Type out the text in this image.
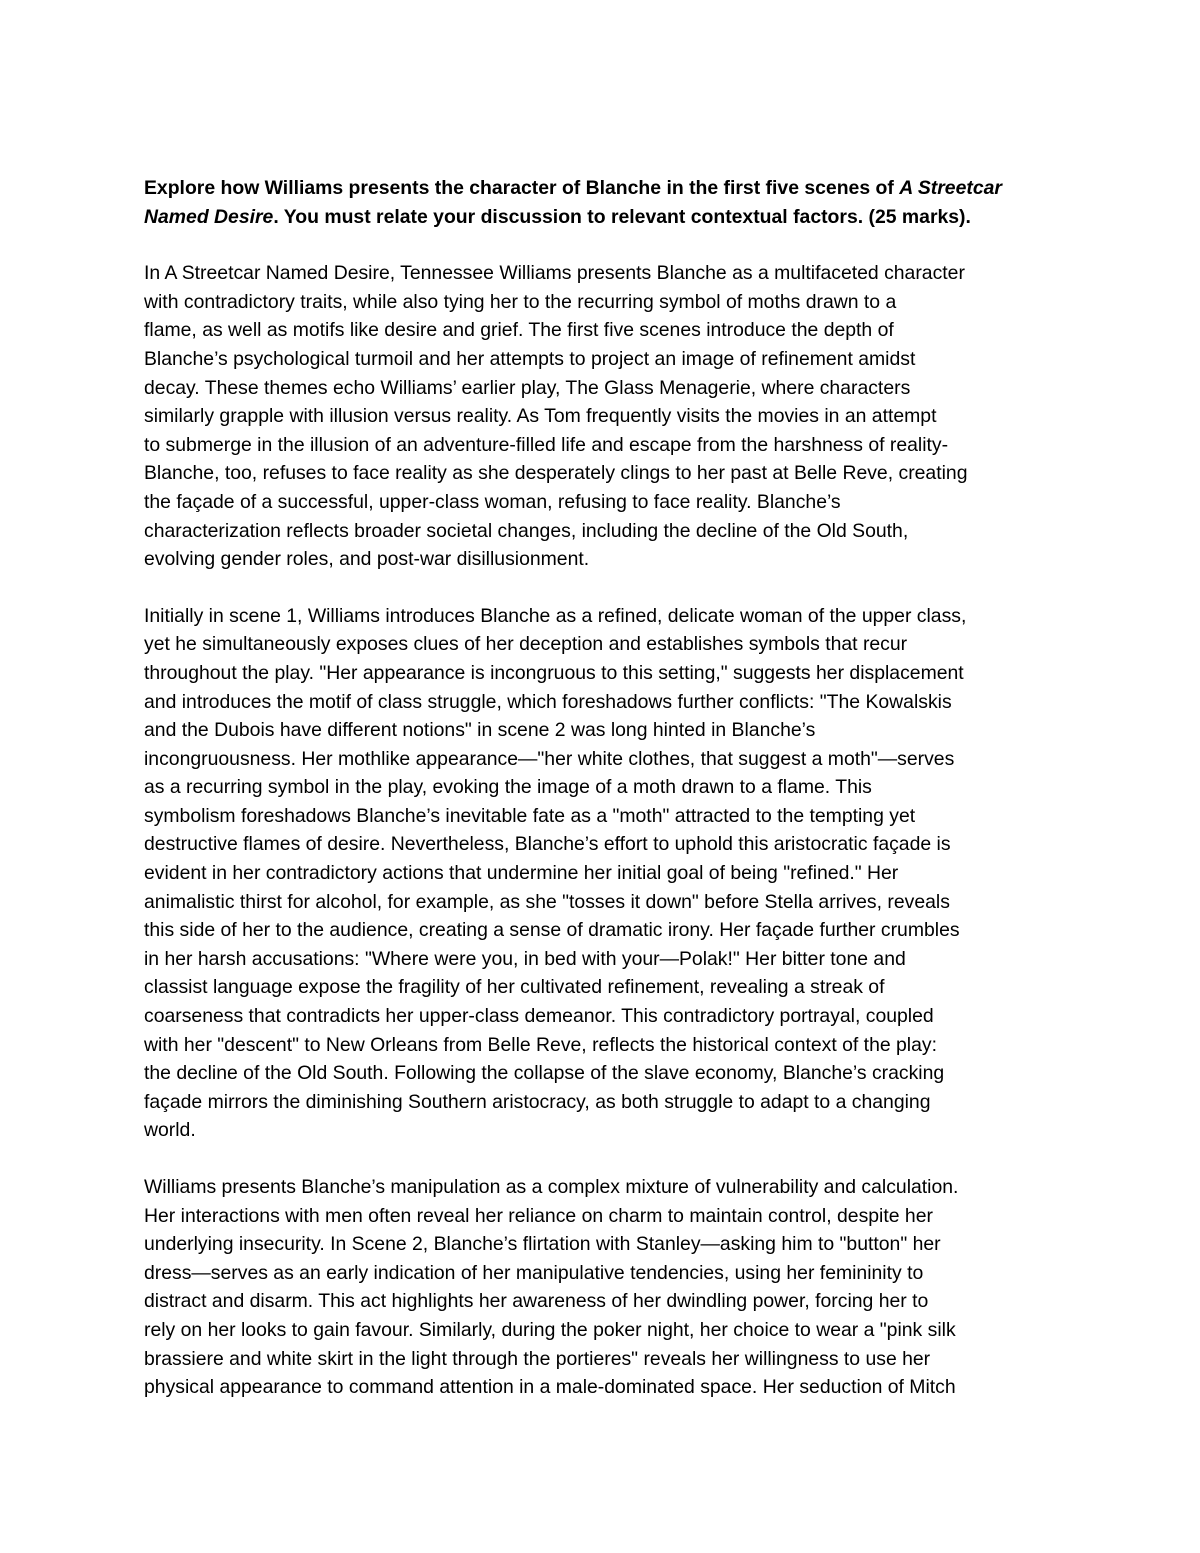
Explore how Williams presents the character of Blanche in the first five scenes of A Streetcar
Named Desire. You must relate your discussion to relevant contextual factors. (25 marks).
In A Streetcar Named Desire, Tennessee Williams presents Blanche as a multifaceted character
with contradictory traits, while also tying her to the recurring symbol of moths drawn to a
flame, as well as motifs like desire and grief. The first five scenes introduce the depth of
Blanche’s psychological turmoil and her attempts to project an image of refinement amidst
decay. These themes echo Williams’ earlier play, The Glass Menagerie, where characters
similarly grapple with illusion versus reality. As Tom frequently visits the movies in an attempt
to submerge in the illusion of an adventure-filled life and escape from the harshness of reality-
Blanche, too, refuses to face reality as she desperately clings to her past at Belle Reve, creating
the façade of a successful, upper-class woman, refusing to face reality. Blanche’s
characterization reflects broader societal changes, including the decline of the Old South,
evolving gender roles, and post-war disillusionment.
Initially in scene 1, Williams introduces Blanche as a refined, delicate woman of the upper class,
yet he simultaneously exposes clues of her deception and establishes symbols that recur
throughout the play. "Her appearance is incongruous to this setting," suggests her displacement
and introduces the motif of class struggle, which foreshadows further conflicts: "The Kowalskis
and the Dubois have different notions" in scene 2 was long hinted in Blanche’s
incongruousness. Her mothlike appearance—"her white clothes, that suggest a moth"—serves
as a recurring symbol in the play, evoking the image of a moth drawn to a flame. This
symbolism foreshadows Blanche’s inevitable fate as a "moth" attracted to the tempting yet
destructive flames of desire. Nevertheless, Blanche’s effort to uphold this aristocratic façade is
evident in her contradictory actions that undermine her initial goal of being "refined." Her
animalistic thirst for alcohol, for example, as she "tosses it down" before Stella arrives, reveals
this side of her to the audience, creating a sense of dramatic irony. Her façade further crumbles
in her harsh accusations: "Where were you, in bed with your—Polak!" Her bitter tone and
classist language expose the fragility of her cultivated refinement, revealing a streak of
coarseness that contradicts her upper-class demeanor. This contradictory portrayal, coupled
with her "descent" to New Orleans from Belle Reve, reflects the historical context of the play:
the decline of the Old South. Following the collapse of the slave economy, Blanche’s cracking
façade mirrors the diminishing Southern aristocracy, as both struggle to adapt to a changing
world.
Williams presents Blanche’s manipulation as a complex mixture of vulnerability and calculation.
Her interactions with men often reveal her reliance on charm to maintain control, despite her
underlying insecurity. In Scene 2, Blanche’s flirtation with Stanley—asking him to "button" her
dress—serves as an early indication of her manipulative tendencies, using her femininity to
distract and disarm. This act highlights her awareness of her dwindling power, forcing her to
rely on her looks to gain favour. Similarly, during the poker night, her choice to wear a "pink silk
brassiere and white skirt in the light through the portieres" reveals her willingness to use her
physical appearance to command attention in a male-dominated space. Her seduction of Mitch
